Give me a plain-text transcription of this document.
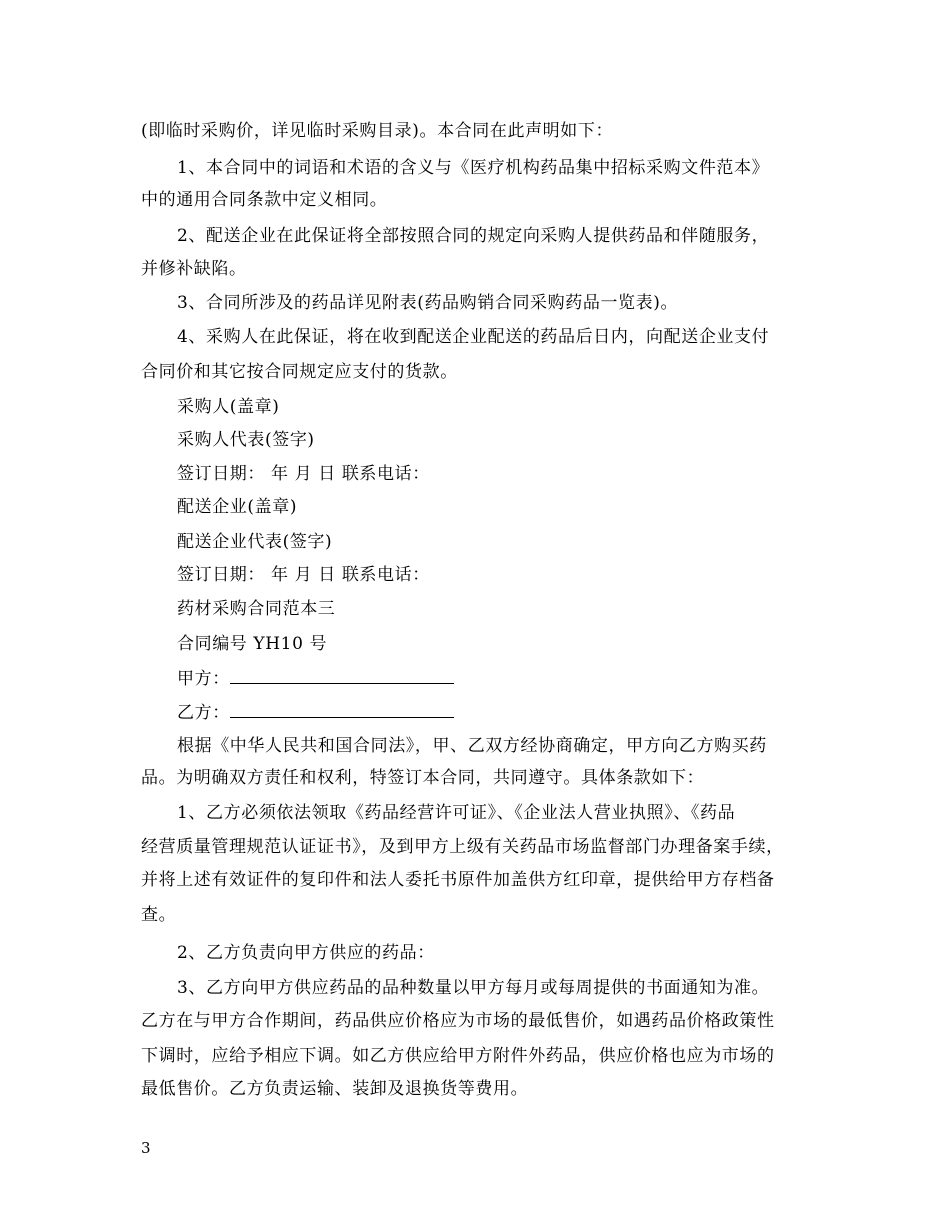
(即临时采购价，详见临时采购目录)。本合同在此声明如下：
1、本合同中的词语和术语的含义与《医疗机构药品集中招标采购文件范本》
中的通用合同条款中定义相同。
2、配送企业在此保证将全部按照合同的规定向采购人提供药品和伴随服务，
并修补缺陷。
3、合同所涉及的药品详见附表(药品购销合同采购药品一览表)。
4、采购人在此保证，将在收到配送企业配送的药品后日内，向配送企业支付
合同价和其它按合同规定应支付的货款。
采购人(盖章)
采购人代表(签字)
签订日期： 年 月 日 联系电话：
配送企业(盖章)
配送企业代表(签字)
签订日期： 年 月 日 联系电话：
药材采购合同范本三
合同编号 YH10 号
甲方：
乙方：
根据《中华人民共和国合同法》，甲、乙双方经协商确定，甲方向乙方购买药
品。为明确双方责任和权利，特签订本合同，共同遵守。具体条款如下：
1、乙方必须依法领取《药品经营许可证》、《企业法人营业执照》、《药品
经营质量管理规范认证证书》，及到甲方上级有关药品市场监督部门办理备案手续，
并将上述有效证件的复印件和法人委托书原件加盖供方红印章，提供给甲方存档备
查。
2、乙方负责向甲方供应的药品：
3、乙方向甲方供应药品的品种数量以甲方每月或每周提供的书面通知为准。
乙方在与甲方合作期间，药品供应价格应为市场的最低售价，如遇药品价格政策性
下调时，应给予相应下调。如乙方供应给甲方附件外药品，供应价格也应为市场的
最低售价。乙方负责运输、装卸及退换货等费用。
3
